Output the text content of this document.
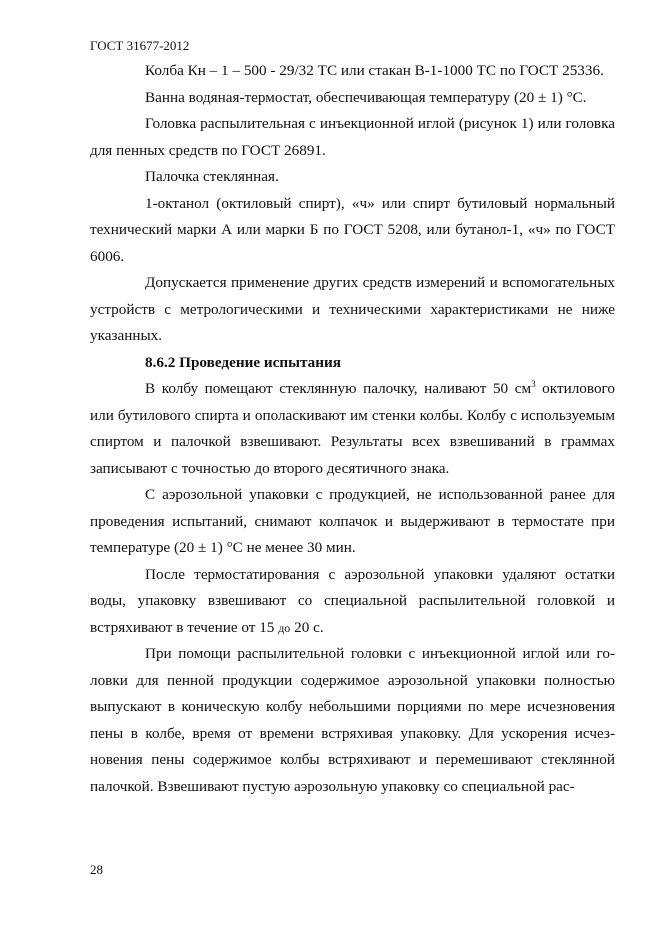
ГОСТ 31677-2012

Колба Кн – 1 – 500 - 29/32 ТС или стакан В-1-1000 ТС по ГОСТ 25336.

Ванна водяная-термостат, обеспечивающая температуру (20 ± 1) °С.

Головка распылительная с инъекционной иглой (рисунок 1) или головка для пенных средств по ГОСТ 26891.

Палочка стеклянная.

1-октанол (октиловый спирт), «ч» или спирт бутиловый нормальный технический марки А или марки Б по ГОСТ 5208, или бутанол-1, «ч» по ГОСТ 6006.

Допускается применение других средств измерений и вспомогательных устройств с метрологическими и техническими характеристиками не ниже указанных.

8.6.2 Проведение испытания

В колбу помещают стеклянную палочку, наливают 50 $см^3$ октилового или бутилового спирта и ополаскивают им стенки колбы. Колбу с используемым спиртом и палочкой взвешивают. Результаты всех взвешиваний в граммах записывают с точностью до второго десятичного знака.

С аэрозольной упаковки с продукцией, не использованной ранее для проведения испытаний, снимают колпачок и выдерживают в термостате при температуре (20 ± 1) °С не менее 30 мин.

После термостатирования с аэрозольной упаковки удаляют остатки воды, упаковку взвешивают со специальной распылительной головкой и встряхивают в течение от 15 до 20 с.

При помощи распылительной головки с инъекционной иглой или головки для пенной продукции содержимое аэрозольной упаковки полностью выпускают в коническую колбу небольшими порциями по мере исчезновения пены в колбе, время от времени встряхивая упаковку. Для ускорения исчезновения пены содержимое колбы встряхивают и перемешивают стеклянной палочкой. Взвешивают пустую аэрозольную упаковку со специальной рас-

28
